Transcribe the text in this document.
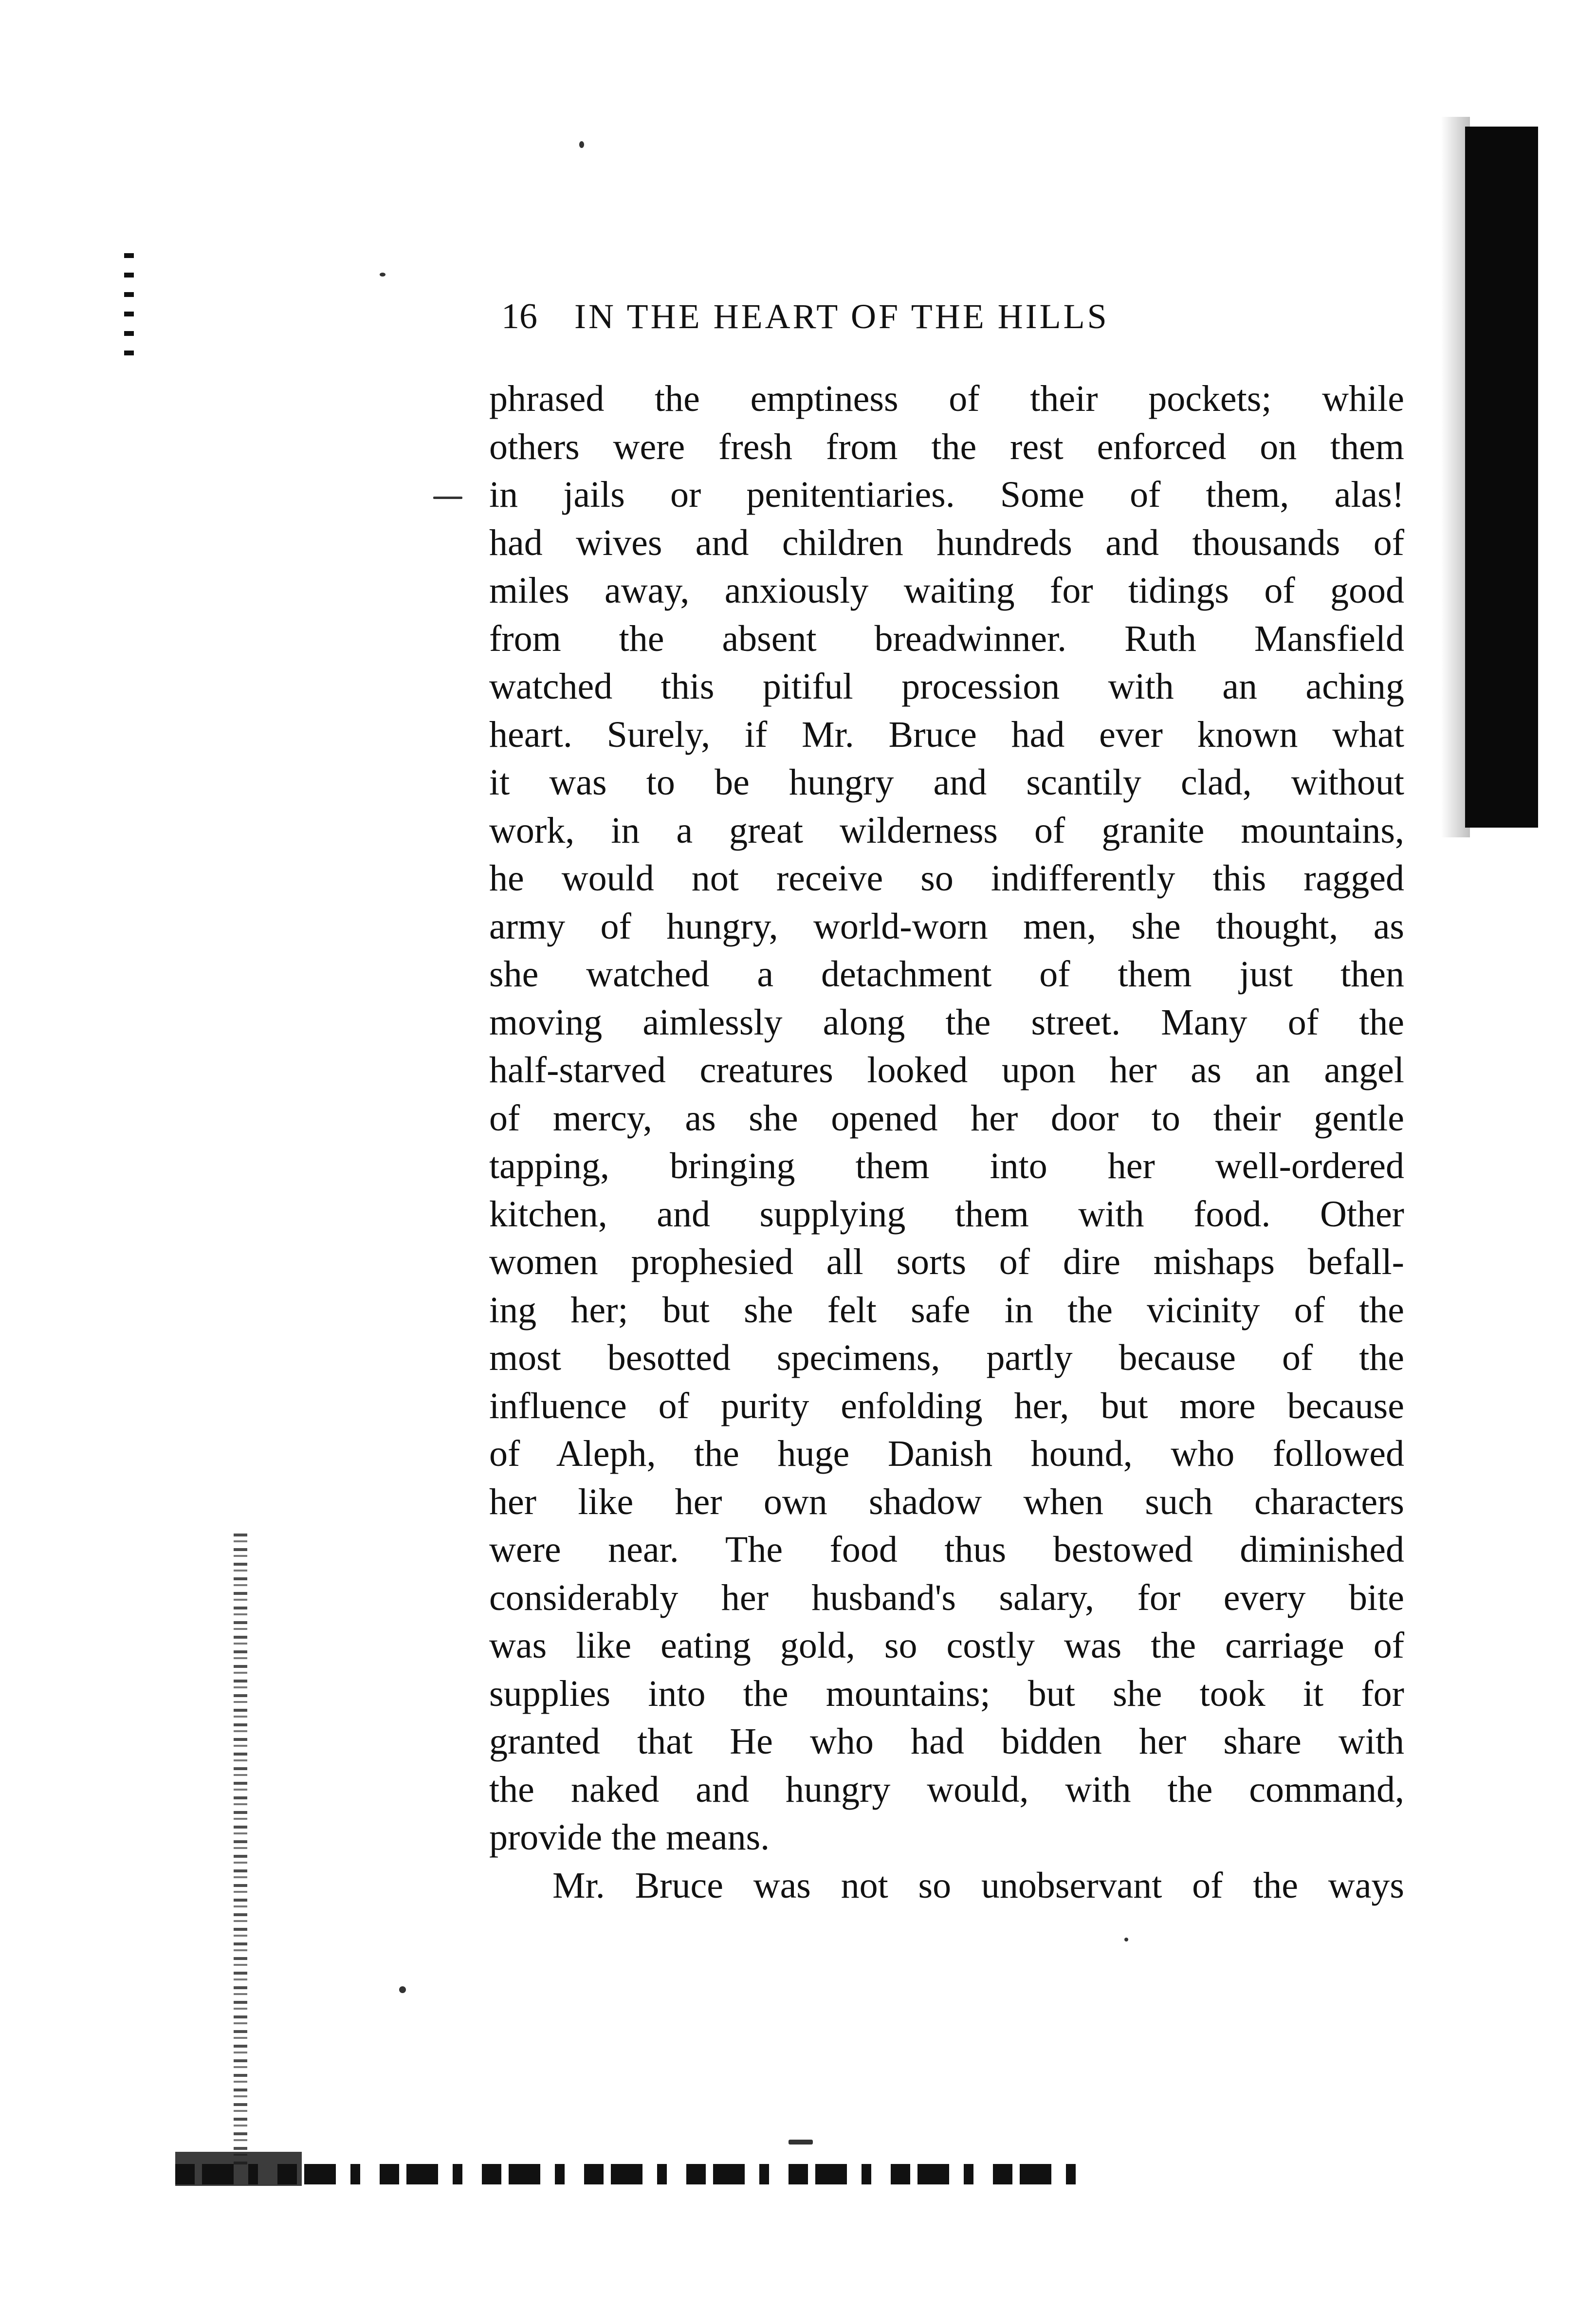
16	IN THE HEART OF THE HILLS
phrased the emptiness of their pockets; while
others were fresh from the rest enforced on them
in jails or penitentiaries. Some of them, alas!
had wives and children hundreds and thousands of
miles away, anxiously waiting for tidings of good
from the absent breadwinner. Ruth Mansfield
watched this pitiful procession with an aching
heart. Surely, if Mr. Bruce had ever known what
it was to be hungry and scantily clad, without
work, in a great wilderness of granite mountains,
he would not receive so indifferently this ragged
army of hungry, world-worn men, she thought, as
she watched a detachment of them just then
moving aimlessly along the street. Many of the
half-starved creatures looked upon her as an angel
of mercy, as she opened her door to their gentle
tapping, bringing them into her well-ordered
kitchen, and supplying them with food. Other
women prophesied all sorts of dire mishaps befall-
ing her; but she felt safe in the vicinity of the
most besotted specimens, partly because of the
influence of purity enfolding her, but more because
of Aleph, the huge Danish hound, who followed
her like her own shadow when such characters
were near. The food thus bestowed diminished
considerably her husband's salary, for every bite
was like eating gold, so costly was the carriage of
supplies into the mountains; but she took it for
granted that He who had bidden her share with
the naked and hungry would, with the command,
provide the means.
Mr. Bruce was not so unobservant of the ways
